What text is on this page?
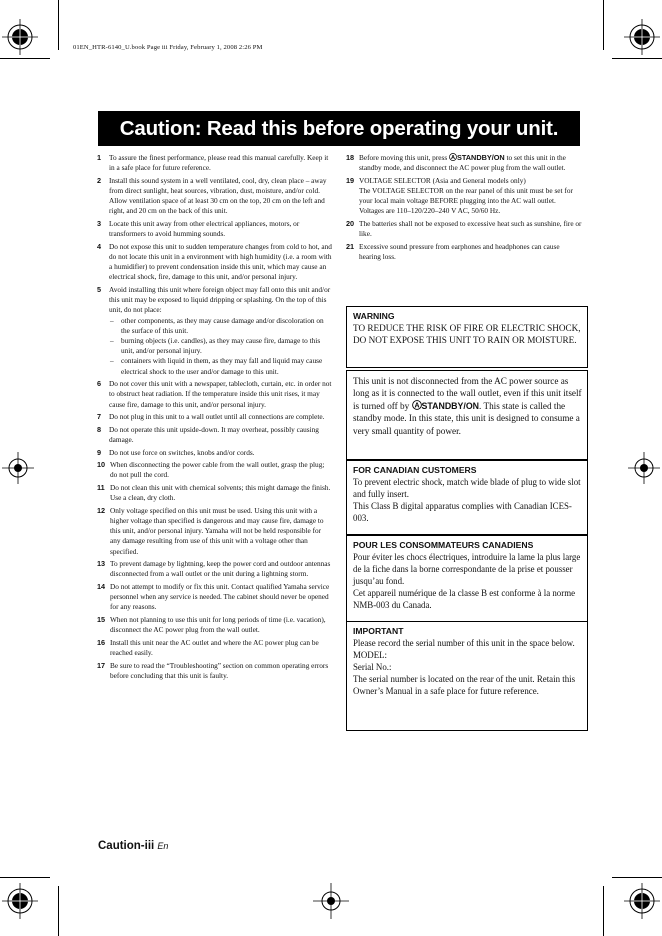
01EN_HTR-6140_U.book Page iii Friday, February 1, 2008 2:26 PM
Caution: Read this before operating your unit.
1 To assure the finest performance, please read this manual carefully. Keep it in a safe place for future reference.
2 Install this sound system in a well ventilated, cool, dry, clean place – away from direct sunlight, heat sources, vibration, dust, moisture, and/or cold. Allow ventilation space of at least 30 cm on the top, 20 cm on the left and right, and 20 cm on the back of this unit.
3 Locate this unit away from other electrical appliances, motors, or transformers to avoid humming sounds.
4 Do not expose this unit to sudden temperature changes from cold to hot, and do not locate this unit in a environment with high humidity (i.e. a room with a humidifier) to prevent condensation inside this unit, which may cause an electrical shock, fire, damage to this unit, and/or personal injury.
5 Avoid installing this unit where foreign object may fall onto this unit and/or this unit may be exposed to liquid dripping or splashing. On the top of this unit, do not place:
– other components, as they may cause damage and/or discoloration on the surface of this unit.
– burning objects (i.e. candles), as they may cause fire, damage to this unit, and/or personal injury.
– containers with liquid in them, as they may fall and liquid may cause electrical shock to the user and/or damage to this unit.
6 Do not cover this unit with a newspaper, tablecloth, curtain, etc. in order not to obstruct heat radiation. If the temperature inside this unit rises, it may cause fire, damage to this unit, and/or personal injury.
7 Do not plug in this unit to a wall outlet until all connections are complete.
8 Do not operate this unit upside-down. It may overheat, possibly causing damage.
9 Do not use force on switches, knobs and/or cords.
10 When disconnecting the power cable from the wall outlet, grasp the plug; do not pull the cord.
11 Do not clean this unit with chemical solvents; this might damage the finish. Use a clean, dry cloth.
12 Only voltage specified on this unit must be used. Using this unit with a higher voltage than specified is dangerous and may cause fire, damage to this unit, and/or personal injury. Yamaha will not be held responsible for any damage resulting from use of this unit with a voltage other than specified.
13 To prevent damage by lightning, keep the power cord and outdoor antennas disconnected from a wall outlet or the unit during a lightning storm.
14 Do not attempt to modify or fix this unit. Contact qualified Yamaha service personnel when any service is needed. The cabinet should never be opened for any reasons.
15 When not planning to use this unit for long periods of time (i.e. vacation), disconnect the AC power plug from the wall outlet.
16 Install this unit near the AC outlet and where the AC power plug can be reached easily.
17 Be sure to read the “Troubleshooting” section on common operating errors before concluding that this unit is faulty.
18 Before moving this unit, press A STANDBY/ON to set this unit in the standby mode, and disconnect the AC power plug from the wall outlet.
19 VOLTAGE SELECTOR (Asia and General models only)
The VOLTAGE SELECTOR on the rear panel of this unit must be set for your local main voltage BEFORE plugging into the AC wall outlet.
Voltages are 110–120/220–240 V AC, 50/60 Hz.
20 The batteries shall not be exposed to excessive heat such as sunshine, fire or like.
21 Excessive sound pressure from earphones and headphones can cause hearing loss.
WARNING
TO REDUCE THE RISK OF FIRE OR ELECTRIC SHOCK, DO NOT EXPOSE THIS UNIT TO RAIN OR MOISTURE.
This unit is not disconnected from the AC power source as long as it is connected to the wall outlet, even if this unit itself is turned off by A STANDBY/ON. This state is called the standby mode. In this state, this unit is designed to consume a very small quantity of power.
FOR CANADIAN CUSTOMERS
To prevent electric shock, match wide blade of plug to wide slot and fully insert.
This Class B digital apparatus complies with Canadian ICES-003.
POUR LES CONSOMMATEURS CANADIENS
Pour éviter les chocs électriques, introduire la lame la plus large de la fiche dans la borne correspondante de la prise et pousser jusqu’au fond.
Cet appareil numérique de la classe B est conforme à la norme NMB-003 du Canada.
IMPORTANT
Please record the serial number of this unit in the space below.
MODEL:
Serial No.:
The serial number is located on the rear of the unit. Retain this Owner’s Manual in a safe place for future reference.
Caution-iii En
